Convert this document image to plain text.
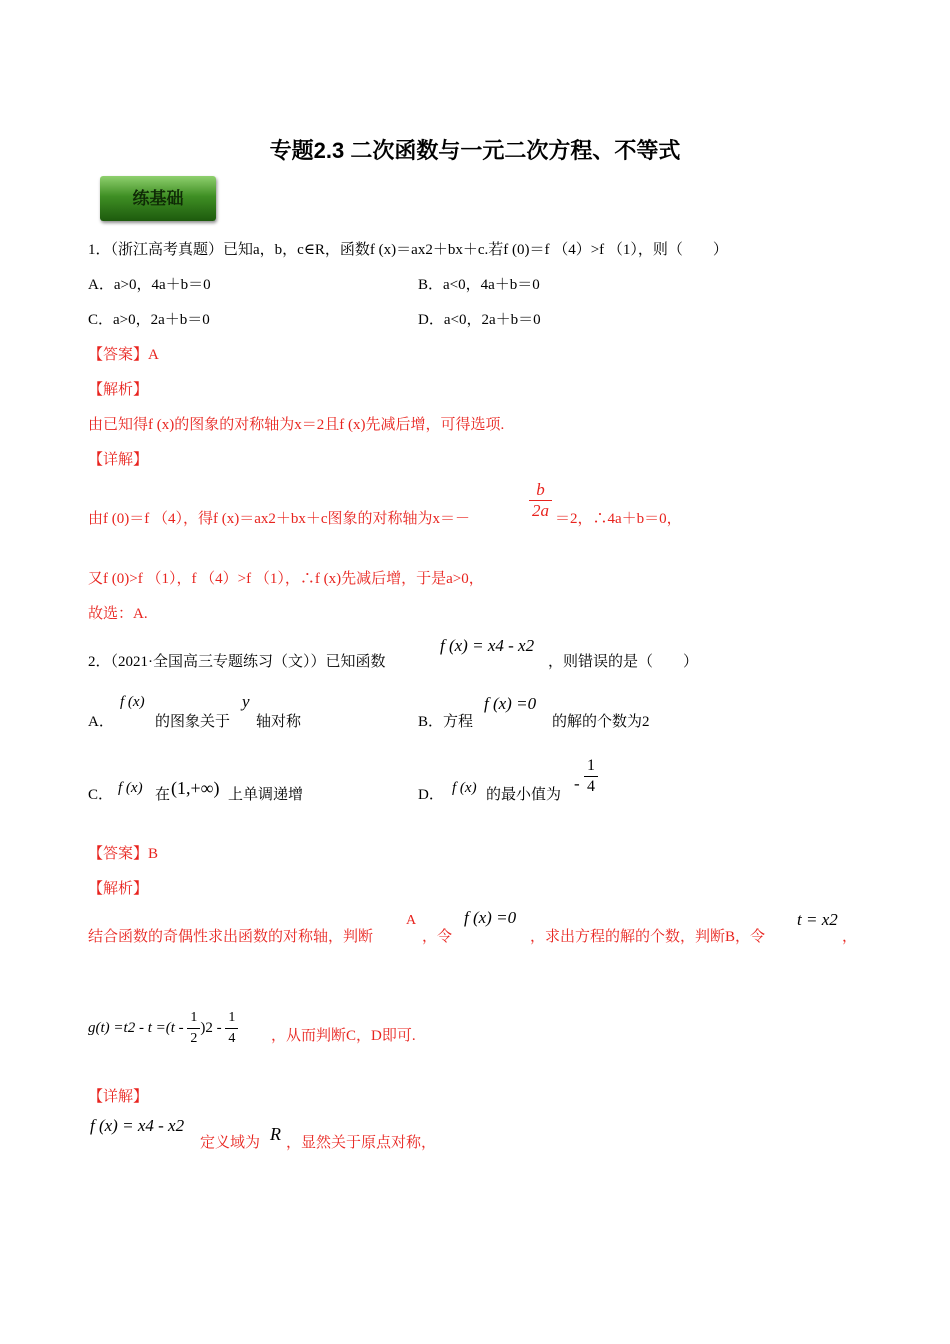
专题2.3 二次函数与一元二次方程、不等式
练基础
1．（浙江高考真题）已知a，b，c∈R，函数f (x)＝ax2＋bx＋c.若f (0)＝f （4）>f （1），则（　　）
A．a>0，4a＋b＝0	B．a<0，4a＋b＝0
C．a>0，2a＋b＝0	D．a<0，2a＋b＝0
【答案】A
【解析】
由已知得f (x)的图象的对称轴为x＝2且f (x)先减后增，可得选项.
【详解】
由f (0)＝f （4），得f (x)＝ax2＋bx＋c图象的对称轴为x＝－	$\frac{b}{2a} =2$，∴4a＋b＝0，
又f (0)>f （1），f （4）>f （1），∴f (x)先减后增，于是a>0，
故选：A.
2．（2021·全国高三专题练习（文））已知函数
f (x) = x4 - x2
，则错误的是（　　）
A．
f (x)
的图象关于
y
轴对称	B．方程
f (x) =0
的解的个数为2
C． f (x) 在 (1,+∞) 上单调递增	D． f (x) 的最小值为
- $\frac{1}{4}$
【答案】B
【解析】
结合函数的奇偶性求出函数的对称轴，判断
A
，令
f (x) =0
，求出方程的解的个数，判断B，令
t = x2
，
$g(t) =t2 - t =(t - \frac{1}{2} )2 - \frac{1}{4}$ ，从而判断C，D即可.
【详解】
f (x) = x4 - x2
定义域为 R ，显然关于原点对称，
